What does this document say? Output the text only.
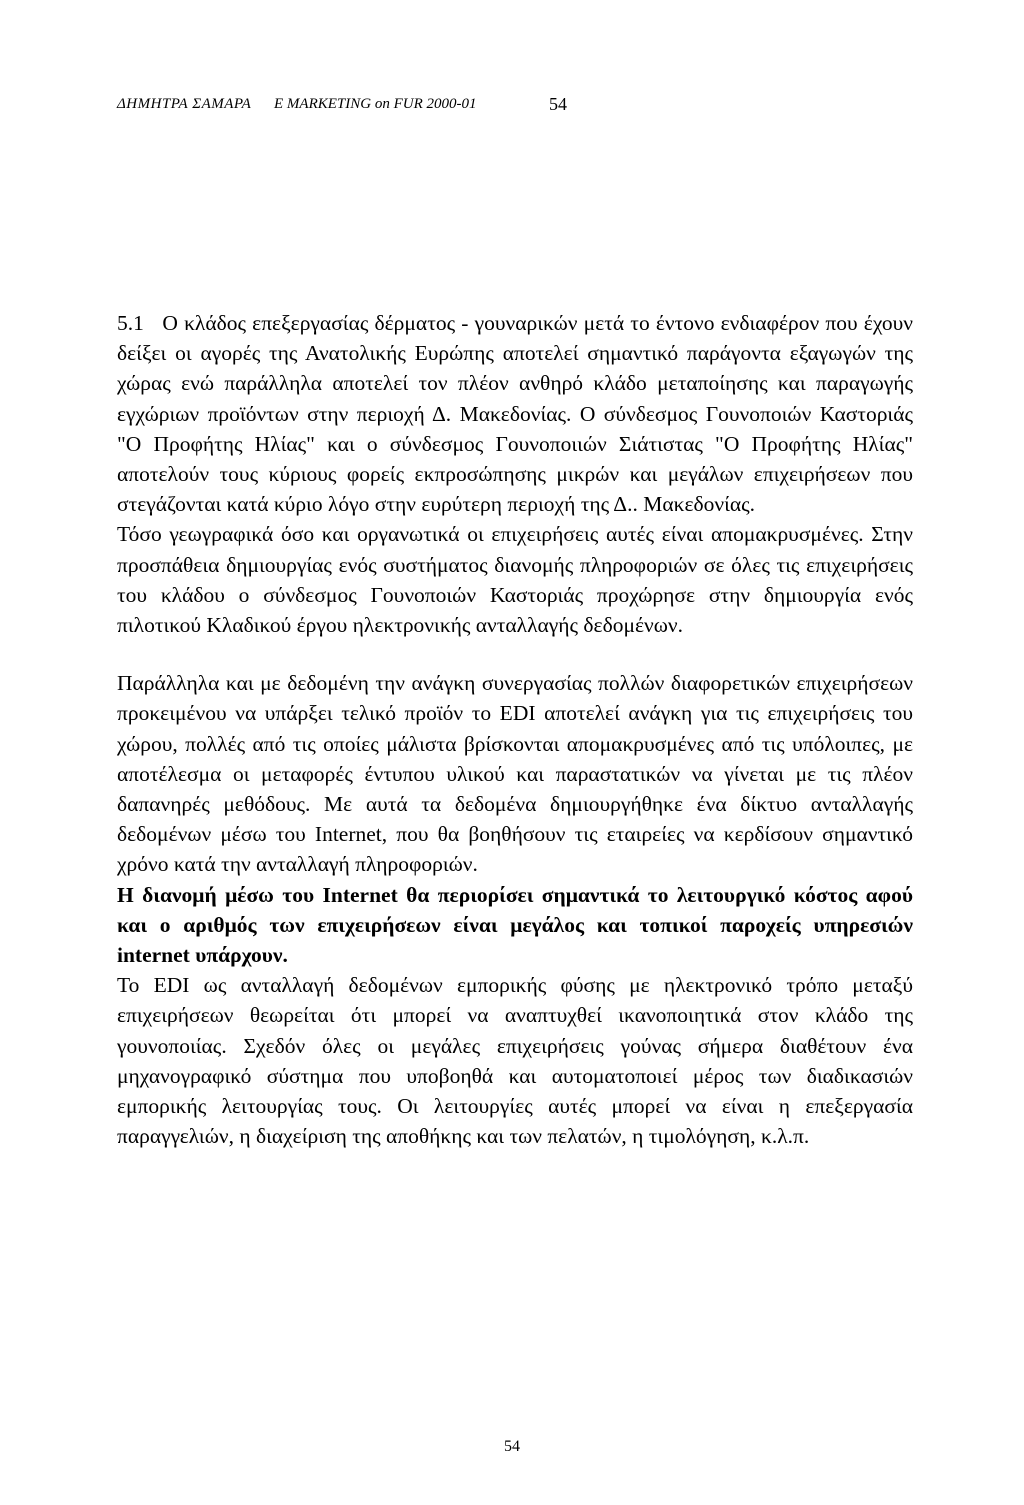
ΔΗΜΗΤΡΑ ΣΑΜΑΡΑ E MARKETING on FUR 2000-01	54

5.1 Ο κλάδος επεξεργασίας δέρματος - γουναρικών μετά το έντονο ενδιαφέρον που έχουν δείξει οι αγορές της Ανατολικής Ευρώπης αποτελεί σημαντικό παράγοντα εξαγωγών της χώρας ενώ παράλληλα αποτελεί τον πλέον ανθηρό κλάδο μεταποίησης και παραγωγής εγχώριων προϊόντων στην περιοχή Δ. Μακεδονίας. Ο σύνδεσμος Γουνοποιών Καστοριάς "Ο Προφήτης Ηλίας" και ο σύνδεσμος Γουνοποιιών Σιάτιστας "Ο Προφήτης Ηλίας" αποτελούν τους κύριους φορείς εκπροσώπησης μικρών και μεγάλων επιχειρήσεων που στεγάζονται κατά κύριο λόγο στην ευρύτερη περιοχή της Δ.. Μακεδονίας.

Τόσο γεωγραφικά όσο και οργανωτικά οι επιχειρήσεις αυτές είναι απομακρυσμένες. Στην προσπάθεια δημιουργίας ενός συστήματος διανομής πληροφοριών σε όλες τις επιχειρήσεις του κλάδου ο σύνδεσμος Γουνοποιών Καστοριάς προχώρησε στην δημιουργία ενός πιλοτικού Κλαδικού έργου ηλεκτρονικής ανταλλαγής δεδομένων.

Παράλληλα και με δεδομένη την ανάγκη συνεργασίας πολλών διαφορετικών επιχειρήσεων προκειμένου να υπάρξει τελικό προϊόν το EDI αποτελεί ανάγκη για τις επιχειρήσεις του χώρου, πολλές από τις οποίες μάλιστα βρίσκονται απομακρυσμένες από τις υπόλοιπες, με αποτέλεσμα οι μεταφορές έντυπου υλικού και παραστατικών να γίνεται με τις πλέον δαπανηρές μεθόδους. Με αυτά τα δεδομένα δημιουργήθηκε ένα δίκτυο ανταλλαγής δεδομένων μέσω του Internet, που θα βοηθήσουν τις εταιρείες να κερδίσουν σημαντικό χρόνο κατά την ανταλλαγή πληροφοριών.

Η διανομή μέσω του Internet θα περιορίσει σημαντικά το λειτουργικό κόστος αφού και ο αριθμός των επιχειρήσεων είναι μεγάλος και τοπικοί παροχείς υπηρεσιών internet υπάρχουν.

Το EDI ως ανταλλαγή δεδομένων εμπορικής φύσης με ηλεκτρονικό τρόπο μεταξύ επιχειρήσεων θεωρείται ότι μπορεί να αναπτυχθεί ικανοποιητικά στον κλάδο της γουνοποιίας. Σχεδόν όλες οι μεγάλες επιχειρήσεις γούνας σήμερα διαθέτουν ένα μηχανογραφικό σύστημα που υποβοηθά και αυτοματοποιεί μέρος των διαδικασιών εμπορικής λειτουργίας τους. Οι λειτουργίες αυτές μπορεί να είναι η επεξεργασία παραγγελιών, η διαχείριση της αποθήκης και των πελατών, η τιμολόγηση, κ.λ.π.

54
